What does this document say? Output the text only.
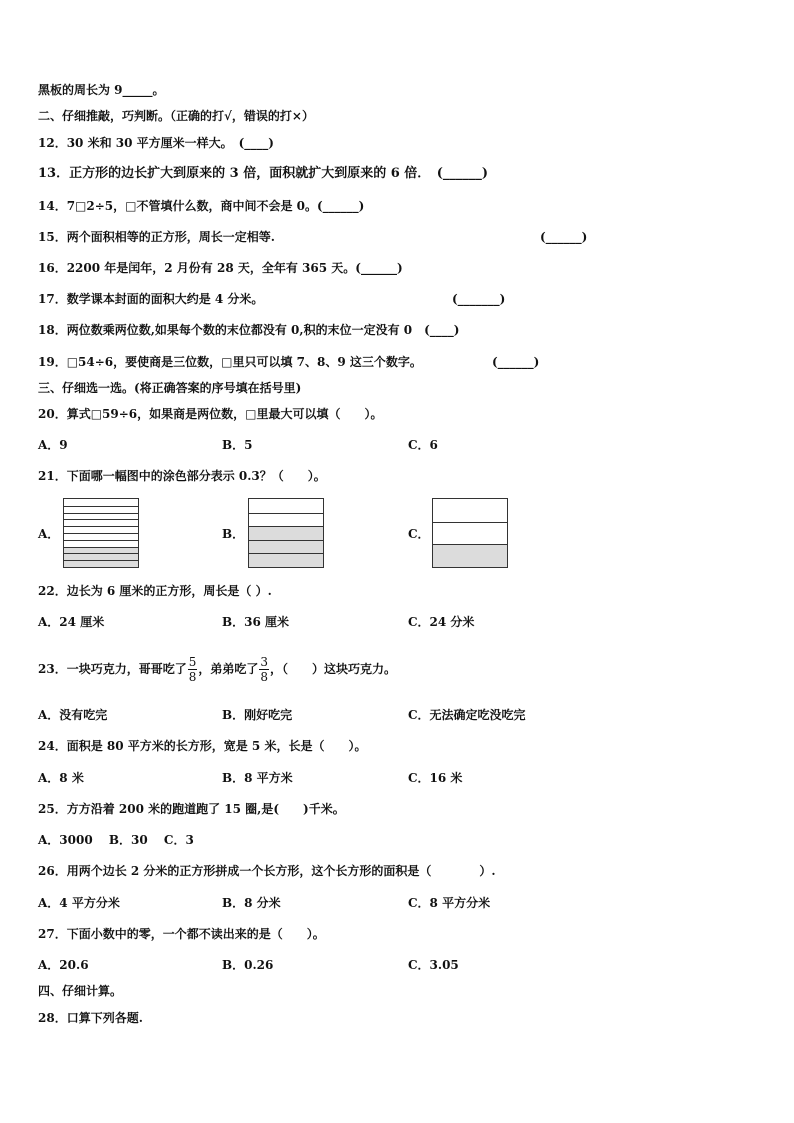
黑板的周长为 9_____。
二、仔细推敲，巧判断。（正确的打√，错误的打×）
12．30 米和 30 平方厘米一样大。　(____)
13．正方形的边长扩大到原来的 3 倍，面积就扩大到原来的 6 倍．　(______)
14．7□2÷5，□不管填什么数，商中间不会是 0。(______)
15．两个面积相等的正方形，周长一定相等.	(______)
16．2200 年是闰年，2 月份有 28 天，全年有 365 天。(______)
17．数学课本封面的面积大约是 4 分米。	(_______)
18．两位数乘两位数,如果每个数的末位都没有 0,积的末位一定没有 0　(____)
19．□54÷6，要使商是三位数，□里只可以填 7、8、9 这三个数字。	(______)
三、仔细选一选。(将正确答案的序号填在括号里)
20．算式□59÷6，如果商是两位数，□里最大可以填（　　）。
A．9	B．5	C．6
21．下面哪一幅图中的涂色部分表示 0.3？（　　）。
A．	B．	C．
22．边长为 6 厘米的正方形，周长是（ ）.
A．24 厘米	B．36 厘米	C．24 分米
23．一块巧克力，哥哥吃了 $\frac{5}{8}$ ，弟弟吃了 $\frac{3}{8}$ ，（　　）这块巧克力。
A．没有吃完	B．刚好吃完	C．无法确定吃没吃完
24．面积是 80 平方米的长方形，宽是 5 米，长是（　　）。
A．8 米	B．8 平方米	C．16 米
25．方方沿着 200 米的跑道跑了 15 圈,是(　　)千米。
A．3000　 B．30　 C．3
26．用两个边长 2 分米的正方形拼成一个长方形，这个长方形的面积是（　　　　）.
A．4 平方分米	B．8 分米	C．8 平方分米
27．下面小数中的零，一个都不读出来的是（　　）。
A．20.6	B．0.26	C．3.05
四、仔细计算。
28．口算下列各题.
